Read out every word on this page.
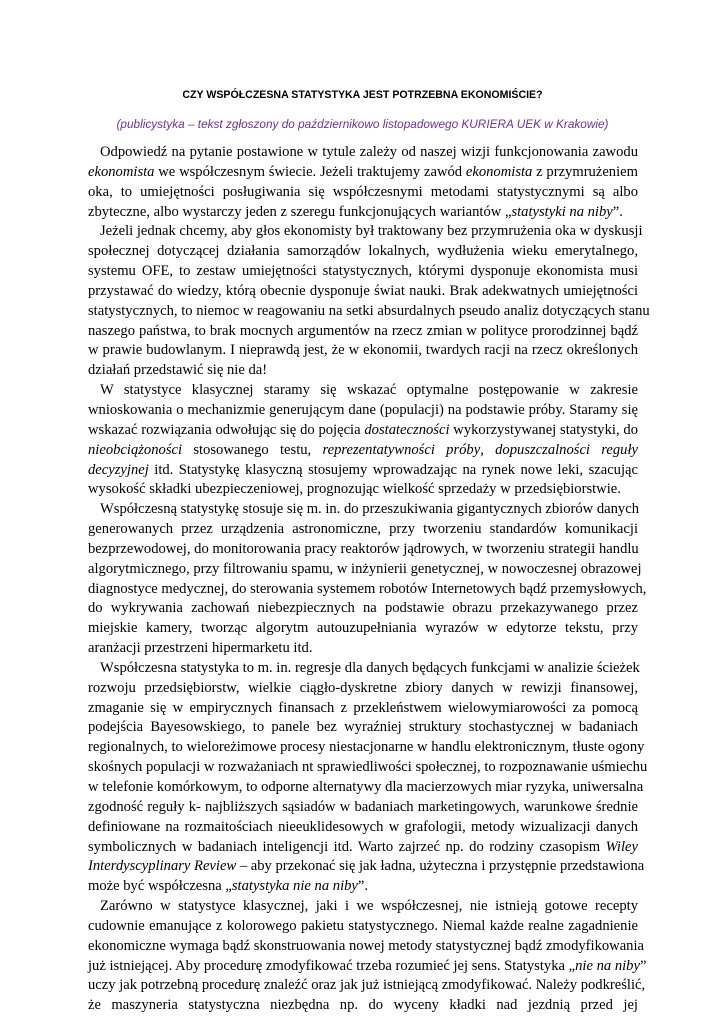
CZY WSPÓŁCZESNA STATYSTYKA JEST POTRZEBNA EKONOMIŚCIE?

(publicystyka – tekst zgłoszony do październikowo listopadowego KURIERA UEK w Krakowie)

Odpowiedź na pytanie postawione w tytule zależy od naszej wizji funkcjonowania zawodu
ekonomista we współczesnym świecie. Jeżeli traktujemy zawód ekonomista z przymrużeniem
oka, to umiejętności posługiwania się współczesnymi metodami statystycznymi są albo
zbyteczne, albo wystarczy jeden z szeregu funkcjonujących wariantów „statystyki na niby”.
Jeżeli jednak chcemy, aby głos ekonomisty był traktowany bez przymrużenia oka w dyskusji
społecznej dotyczącej działania samorządów lokalnych, wydłużenia wieku emerytalnego,
systemu OFE, to zestaw umiejętności statystycznych, którymi dysponuje ekonomista musi
przystawać do wiedzy, którą obecnie dysponuje świat nauki. Brak adekwatnych umiejętności
statystycznych, to niemoc w reagowaniu na setki absurdalnych pseudo analiz dotyczących stanu
naszego państwa, to brak mocnych argumentów na rzecz zmian w polityce prorodzinnej bądź
w prawie budowlanym. I nieprawdą jest, że w ekonomii, twardych racji na rzecz określonych
działań przedstawić się nie da!
W statystyce klasycznej staramy się wskazać optymalne postępowanie w zakresie
wnioskowania o mechanizmie generującym dane (populacji) na podstawie próby. Staramy się
wskazać rozwiązania odwołując się do pojęcia dostateczności wykorzystywanej statystyki, do
nieobciążoności stosowanego testu, reprezentatywności próby, dopuszczalności reguły
decyzyjnej itd. Statystykę klasyczną stosujemy wprowadzając na rynek nowe leki, szacując
wysokość składki ubezpieczeniowej, prognozując wielkość sprzedaży w przedsiębiorstwie.
Współczesną statystykę stosuje się m. in. do przeszukiwania gigantycznych zbiorów danych
generowanych przez urządzenia astronomiczne, przy tworzeniu standardów komunikacji
bezprzewodowej, do monitorowania pracy reaktorów jądrowych, w tworzeniu strategii handlu
algorytmicznego, przy filtrowaniu spamu, w inżynierii genetycznej, w nowoczesnej obrazowej
diagnostyce medycznej, do sterowania systemem robotów Internetowych bądź przemysłowych,
do wykrywania zachowań niebezpiecznych na podstawie obrazu przekazywanego przez
miejskie kamery, tworząc algorytm autouzupełniania wyrazów w edytorze tekstu, przy
aranżacji przestrzeni hipermarketu itd.
Współczesna statystyka to m. in. regresje dla danych będących funkcjami w analizie ścieżek
rozwoju przedsiębiorstw, wielkie ciągło-dyskretne zbiory danych w rewizji finansowej,
zmaganie się w empirycznych finansach z przekleństwem wielowymiarowości za pomocą
podejścia Bayesowskiego, to panele bez wyraźniej struktury stochastycznej w badaniach
regionalnych, to wieloreżimowe procesy niestacjonarne w handlu elektronicznym, tłuste ogony
skośnych populacji w rozważaniach nt sprawiedliwości społecznej, to rozpoznawanie uśmiechu
w telefonie komórkowym, to odporne alternatywy dla macierzowych miar ryzyka, uniwersalna
zgodność reguły k- najbliższych sąsiadów w badaniach marketingowych, warunkowe średnie
definiowane na rozmaitościach nieeuklidesowych w grafologii, metody wizualizacji danych
symbolicznych w badaniach inteligencji itd. Warto zajrzeć np. do rodziny czasopism Wiley
Interdyscyplinary Review – aby przekonać się jak ładna, użyteczna i przystępnie przedstawiona
może być współczesna „statystyka nie na niby”.
Zarówno w statystyce klasycznej, jaki i we współczesnej, nie istnieją gotowe recepty
cudownie emanujące z kolorowego pakietu statystycznego. Niemal każde realne zagadnienie
ekonomiczne wymaga bądź skonstruowania nowej metody statystycznej bądź zmodyfikowania
już istniejącej. Aby procedurę zmodyfikować trzeba rozumieć jej sens. Statystyka „nie na niby”
uczy jak potrzebną procedurę znaleźć oraz jak już istniejącą zmodyfikować. Należy podkreślić,
że maszyneria statystyczna niezbędna np. do wyceny kładki nad jezdnią przed jej
